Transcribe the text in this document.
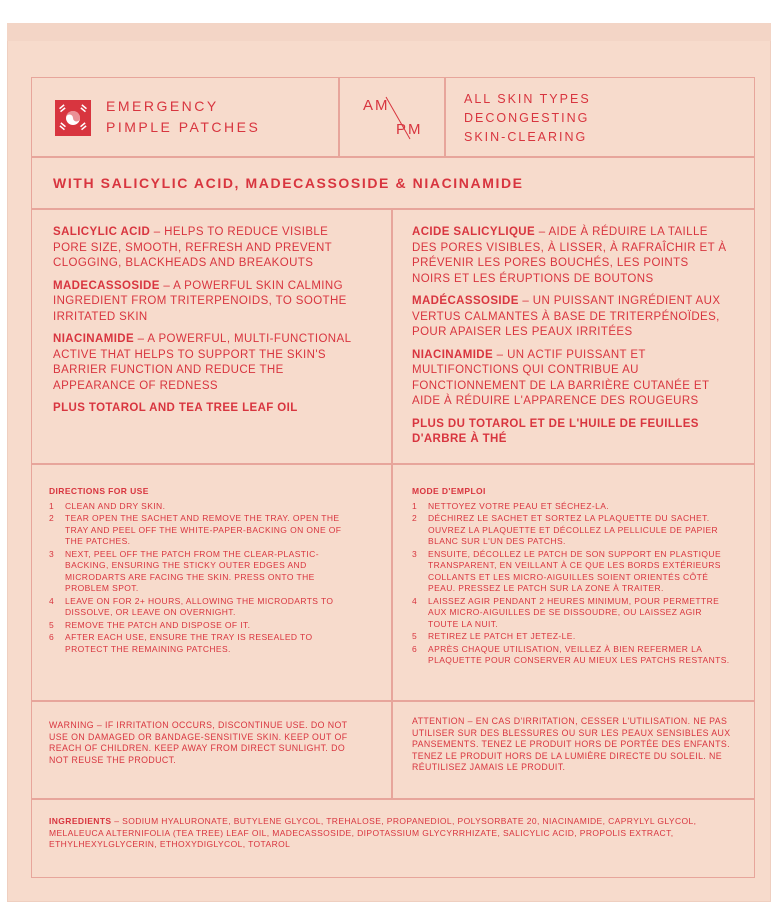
EMERGENCY
PIMPLE PATCHES
AM
PM
ALL SKIN TYPES
DECONGESTING
SKIN-CLEARING
WITH SALICYLIC ACID, MADECASSOSIDE & NIACINAMIDE
SALICYLIC ACID – HELPS TO REDUCE VISIBLE PORE SIZE, SMOOTH, REFRESH AND PREVENT CLOGGING, BLACKHEADS AND BREAKOUTS
MADECASSOSIDE – A POWERFUL SKIN CALMING INGREDIENT FROM TRITERPENOIDS, TO SOOTHE IRRITATED SKIN
NIACINAMIDE – A POWERFUL, MULTI-FUNCTIONAL ACTIVE THAT HELPS TO SUPPORT THE SKIN'S BARRIER FUNCTION AND REDUCE THE APPEARANCE OF REDNESS
PLUS TOTAROL AND TEA TREE LEAF OIL
ACIDE SALICYLIQUE – AIDE À RÉDUIRE LA TAILLE DES PORES VISIBLES, À LISSER, À RAFRAÎCHIR ET À PRÉVENIR LES PORES BOUCHÉS, LES POINTS NOIRS ET LES ÉRUPTIONS DE BOUTONS
MADÉCASSOSIDE – UN PUISSANT INGRÉDIENT AUX VERTUS CALMANTES À BASE DE TRITERPÉNOÏDES, POUR APAISER LES PEAUX IRRITÉES
NIACINAMIDE – UN ACTIF PUISSANT ET MULTIFONCTIONS QUI CONTRIBUE AU FONCTIONNEMENT DE LA BARRIÈRE CUTANÉE ET AIDE À RÉDUIRE L'APPARENCE DES ROUGEURS
PLUS DU TOTAROL ET DE L'HUILE DE FEUILLES D'ARBRE À THÉ
DIRECTIONS FOR USE
1 CLEAN AND DRY SKIN.
2 TEAR OPEN THE SACHET AND REMOVE THE TRAY. OPEN THE TRAY AND PEEL OFF THE WHITE-PAPER-BACKING ON ONE OF THE PATCHES.
3 NEXT, PEEL OFF THE PATCH FROM THE CLEAR-PLASTIC-BACKING, ENSURING THE STICKY OUTER EDGES AND MICRODARTS ARE FACING THE SKIN. PRESS ONTO THE PROBLEM SPOT.
4 LEAVE ON FOR 2+ HOURS, ALLOWING THE MICRODARTS TO DISSOLVE, OR LEAVE ON OVERNIGHT.
5 REMOVE THE PATCH AND DISPOSE OF IT.
6 AFTER EACH USE, ENSURE THE TRAY IS RESEALED TO PROTECT THE REMAINING PATCHES.
MODE D'EMPLOI
1 NETTOYEZ VOTRE PEAU ET SÉCHEZ-LA.
2 DÉCHIREZ LE SACHET ET SORTEZ LA PLAQUETTE DU SACHET. OUVREZ LA PLAQUETTE ET DÉCOLLEZ LA PELLICULE DE PAPIER BLANC SUR L'UN DES PATCHS.
3 ENSUITE, DÉCOLLEZ LE PATCH DE SON SUPPORT EN PLASTIQUE TRANSPARENT, EN VEILLANT À CE QUE LES BORDS EXTÉRIEURS COLLANTS ET LES MICRO-AIGUILLES SOIENT ORIENTÉS CÔTÉ PEAU. PRESSEZ LE PATCH SUR LA ZONE À TRAITER.
4 LAISSEZ AGIR PENDANT 2 HEURES MINIMUM, POUR PERMETTRE AUX MICRO-AIGUILLES DE SE DISSOUDRE, OU LAISSEZ AGIR TOUTE LA NUIT.
5 RETIREZ LE PATCH ET JETEZ-LE.
6 APRÈS CHAQUE UTILISATION, VEILLEZ À BIEN REFERMER LA PLAQUETTE POUR CONSERVER AU MIEUX LES PATCHS RESTANTS.
WARNING – IF IRRITATION OCCURS, DISCONTINUE USE. DO NOT USE ON DAMAGED OR BANDAGE-SENSITIVE SKIN. KEEP OUT OF REACH OF CHILDREN. KEEP AWAY FROM DIRECT SUNLIGHT. DO NOT REUSE THE PRODUCT.
ATTENTION – EN CAS D'IRRITATION, CESSER L'UTILISATION. NE PAS UTILISER SUR DES BLESSURES OU SUR LES PEAUX SENSIBLES AUX PANSEMENTS. TENEZ LE PRODUIT HORS DE PORTÉE DES ENFANTS. TENEZ LE PRODUIT HORS DE LA LUMIÈRE DIRECTE DU SOLEIL. NE RÉUTILISEZ JAMAIS LE PRODUIT.
INGREDIENTS – SODIUM HYALURONATE, BUTYLENE GLYCOL, TREHALOSE, PROPANEDIOL, POLYSORBATE 20, NIACINAMIDE, CAPRYLYL GLYCOL, MELALEUCA ALTERNIFOLIA (TEA TREE) LEAF OIL, MADECASSOSIDE, DIPOTASSIUM GLYCYRRHIZATE, SALICYLIC ACID, PROPOLIS EXTRACT, ETHYLHEXYLGLYCERIN, ETHOXYDIGLYCOL, TOTAROL
